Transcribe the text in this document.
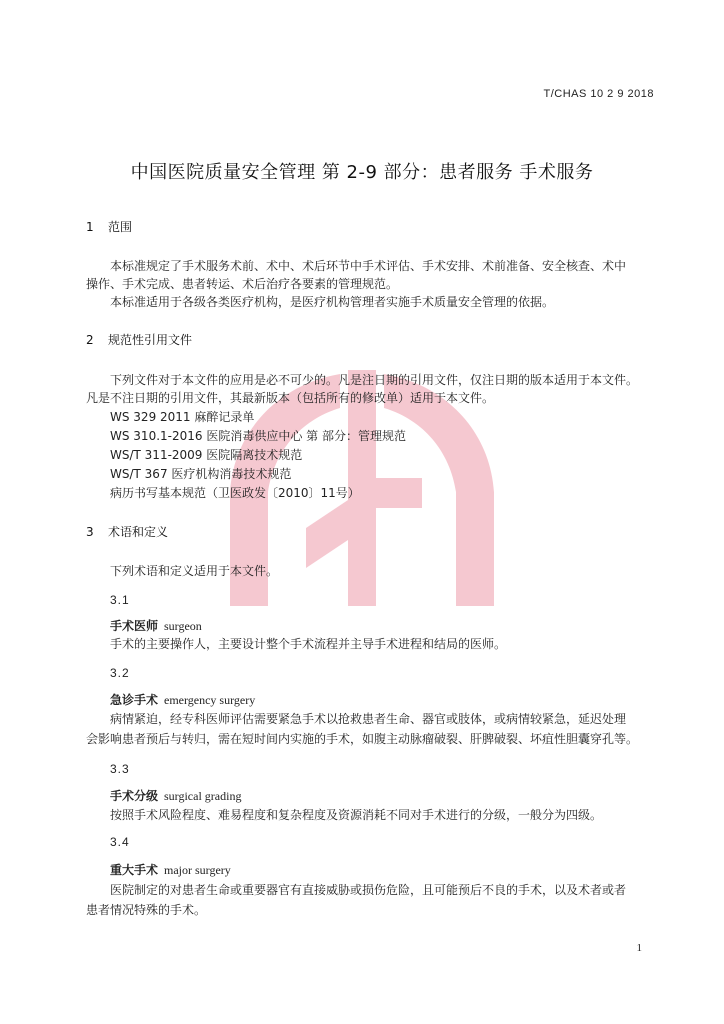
T/CHAS 10 2 9 2018
中国医院质量安全管理 第 2-9 部分：患者服务 手术服务
1 范围
本标准规定了手术服务术前、术中、术后环节中手术评估、手术安排、术前准备、安全核查、术中
操作、手术完成、患者转运、术后治疗各要素的管理规范。
本标准适用于各级各类医疗机构，是医疗机构管理者实施手术质量安全管理的依据。
2 规范性引用文件
下列文件对于本文件的应用是必不可少的。凡是注日期的引用文件，仅注日期的版本适用于本文件。
凡是不注日期的引用文件，其最新版本（包括所有的修改单）适用于本文件。
WS 329 2011 麻醉记录单
WS 310.1-2016 医院消毒供应中心 第 部分：管理规范
WS/T 311-2009 医院隔离技术规范
WS/T 367 医疗机构消毒技术规范
病历书写基本规范（卫医政发〔2010〕11号）
3 术语和定义
下列术语和定义适用于本文件。
3.1
手术医师 surgeon
手术的主要操作人，主要设计整个手术流程并主导手术进程和结局的医师。
3.2
急诊手术 emergency surgery
病情紧迫，经专科医师评估需要紧急手术以抢救患者生命、器官或肢体，或病情较紧急，延迟处理
会影响患者预后与转归，需在短时间内实施的手术，如腹主动脉瘤破裂、肝脾破裂、坏疽性胆囊穿孔等。
3.3
手术分级 surgical grading
按照手术风险程度、难易程度和复杂程度及资源消耗不同对手术进行的分级，一般分为四级。
3.4
重大手术 major surgery
医院制定的对患者生命或重要器官有直接威胁或损伤危险，且可能预后不良的手术，以及术者或者
患者情况特殊的手术。
1
